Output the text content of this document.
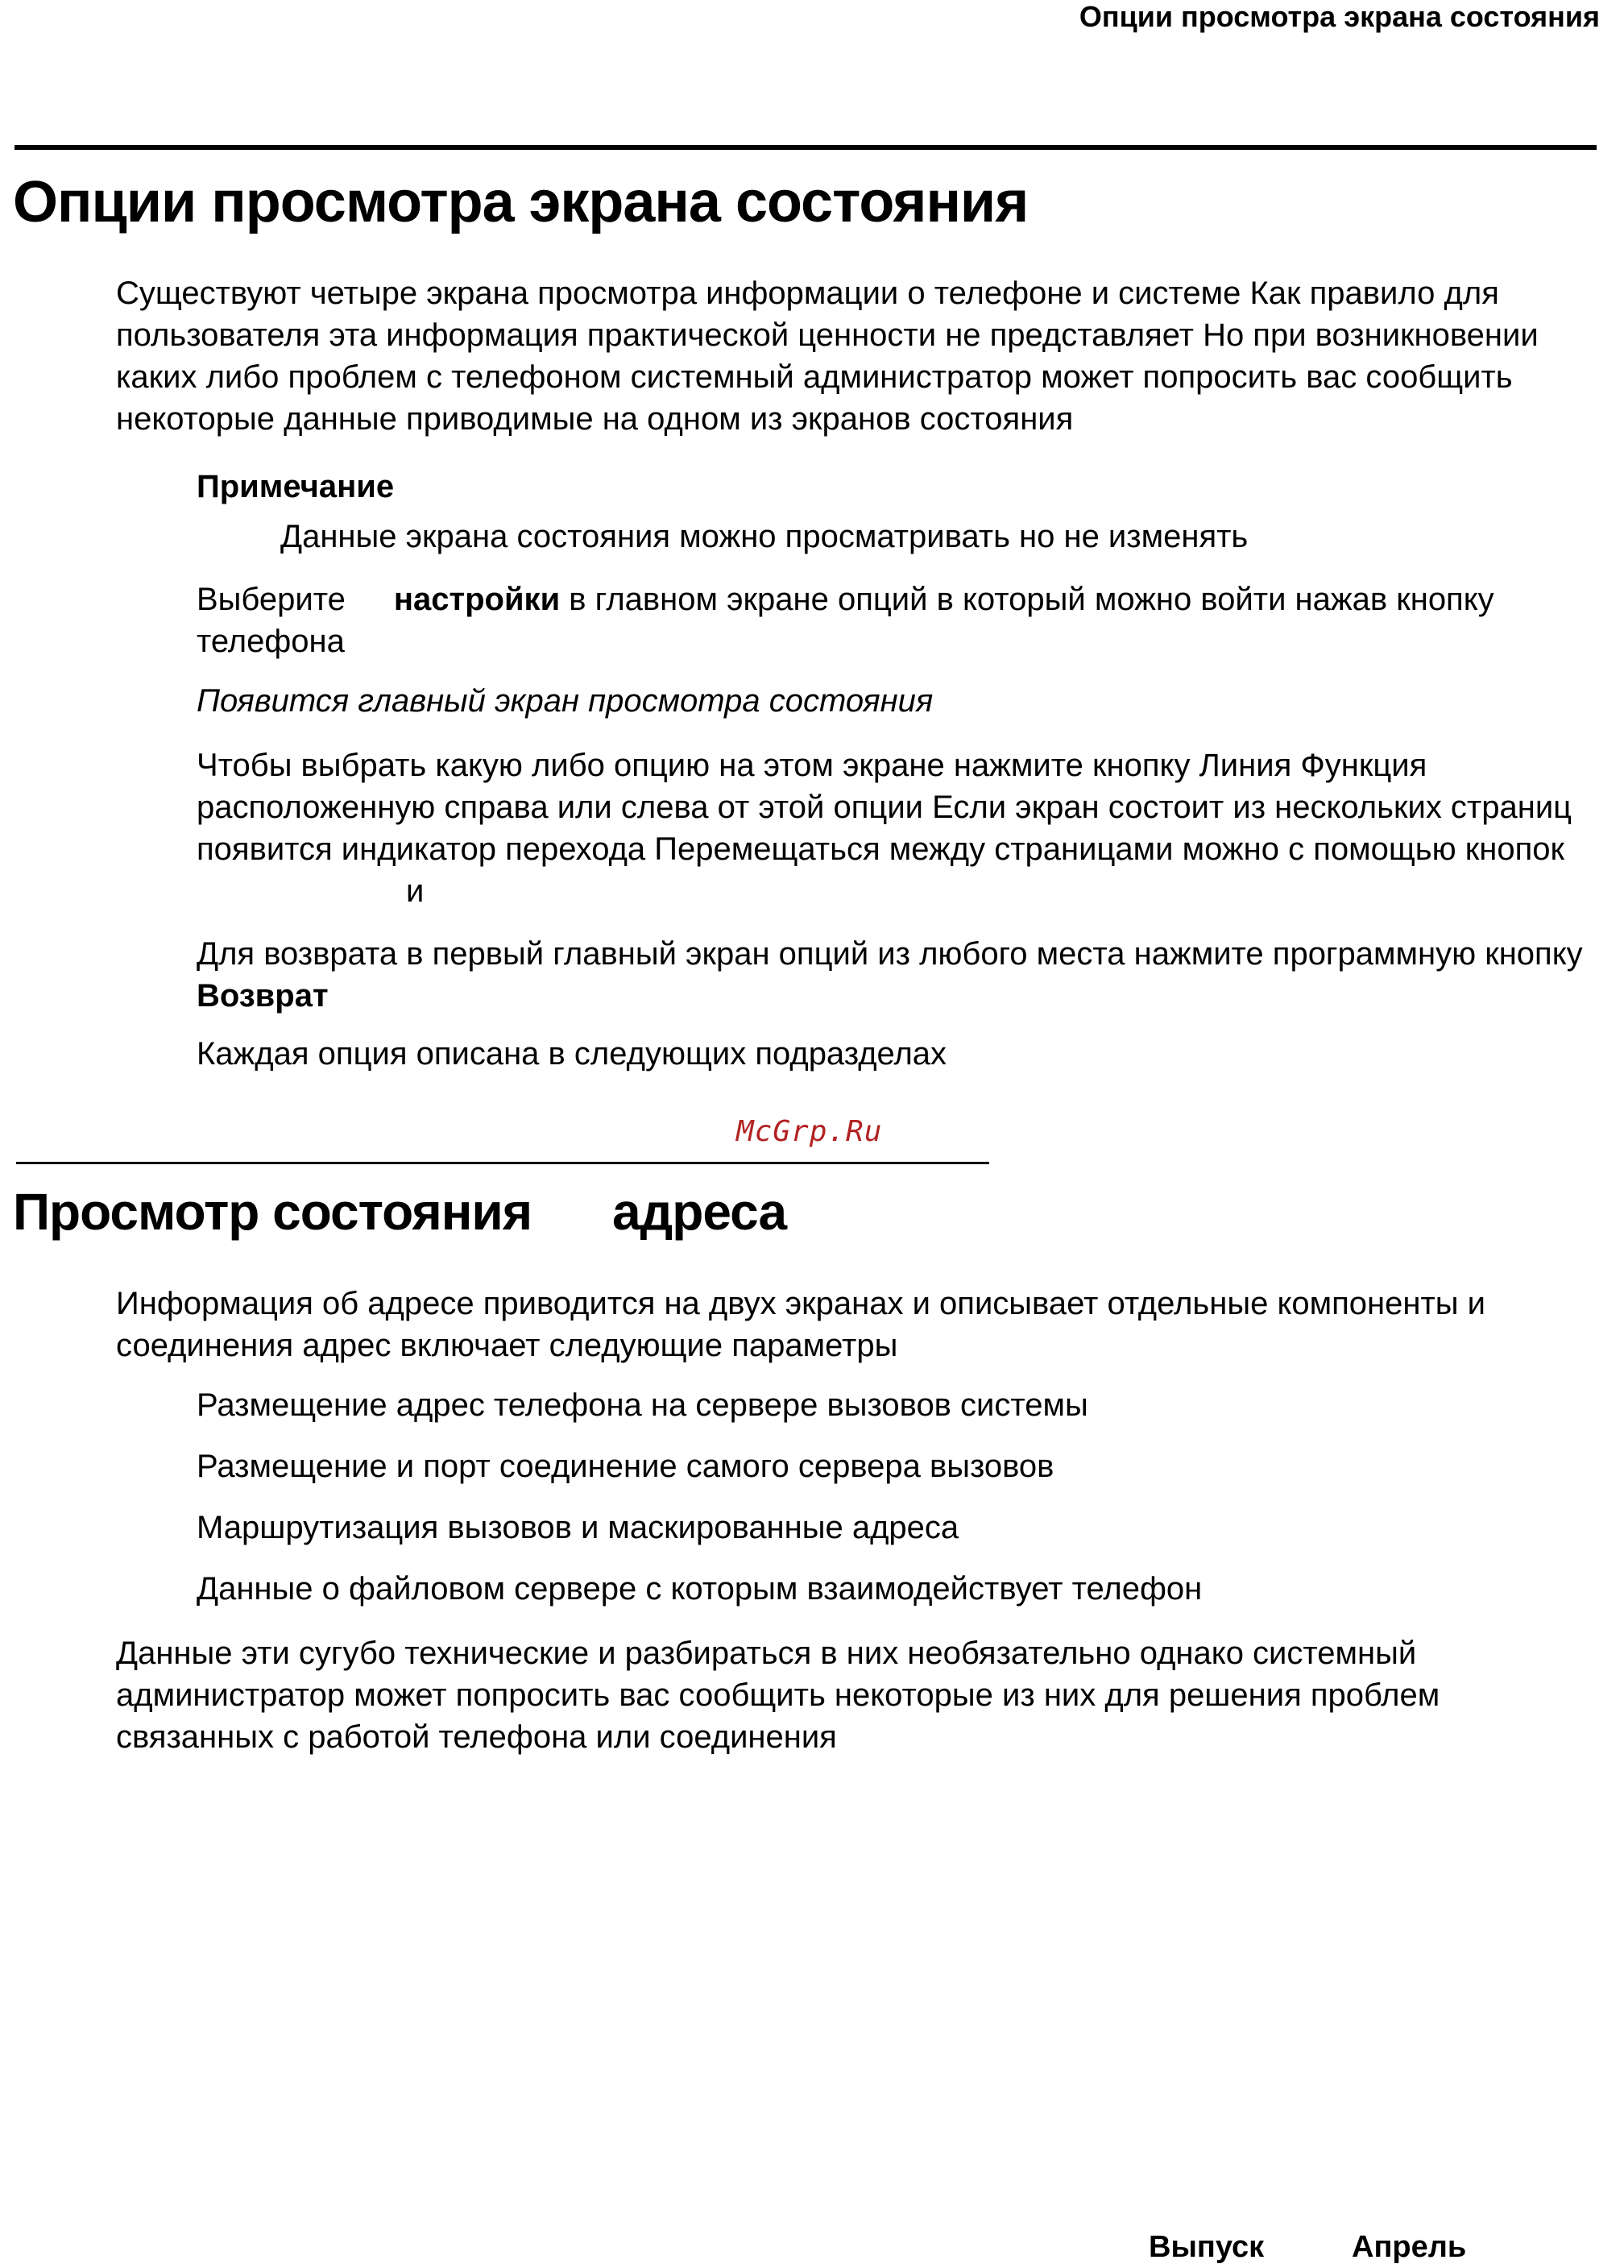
Опции просмотра экрана состояния
Опции просмотра экрана состояния
Существуют четыре экрана просмотра информации о телефоне и системе Как правило для пользователя эта информация практической ценности не представляет Но при возникновении каких либо проблем с телефоном системный администратор может попросить вас сообщить некоторые данные приводимые на одном из экранов состояния
Примечание
Данные экрана состояния можно просматривать но не изменять
Выберите настройки в главном экране опций в который можно войти нажав кнопку телефона
Появится главный экран просмотра состояния
Чтобы выбрать какую либо опцию на этом экране нажмите кнопку Линия Функция расположенную справа или слева от этой опции Если экран состоит из нескольких страниц появится индикатор перехода Перемещаться между страницами можно с помощью кнопоки
Для возврата в первый главный экран опций из любого места нажмите программную кнопку Возврат
Каждая опция описана в следующих подразделах
McGrp.Ru
Просмотр состояния адреса
Информация об адресе приводится на двух экранах и описывает отдельные компоненты и соединения адрес включает следующие параметры
Размещение адрес телефона на сервере вызовов системы
Размещение и порт соединение самого сервера вызовов
Маршрутизация вызовов и маскированные адреса
Данные о файловом сервере с которым взаимодействует телефон
Данные эти сугубо технические и разбираться в них необязательно однако системный администратор может попросить вас сообщить некоторые из них для решения проблем связанных с работой телефона или соединения
Выпуск	Апрель
